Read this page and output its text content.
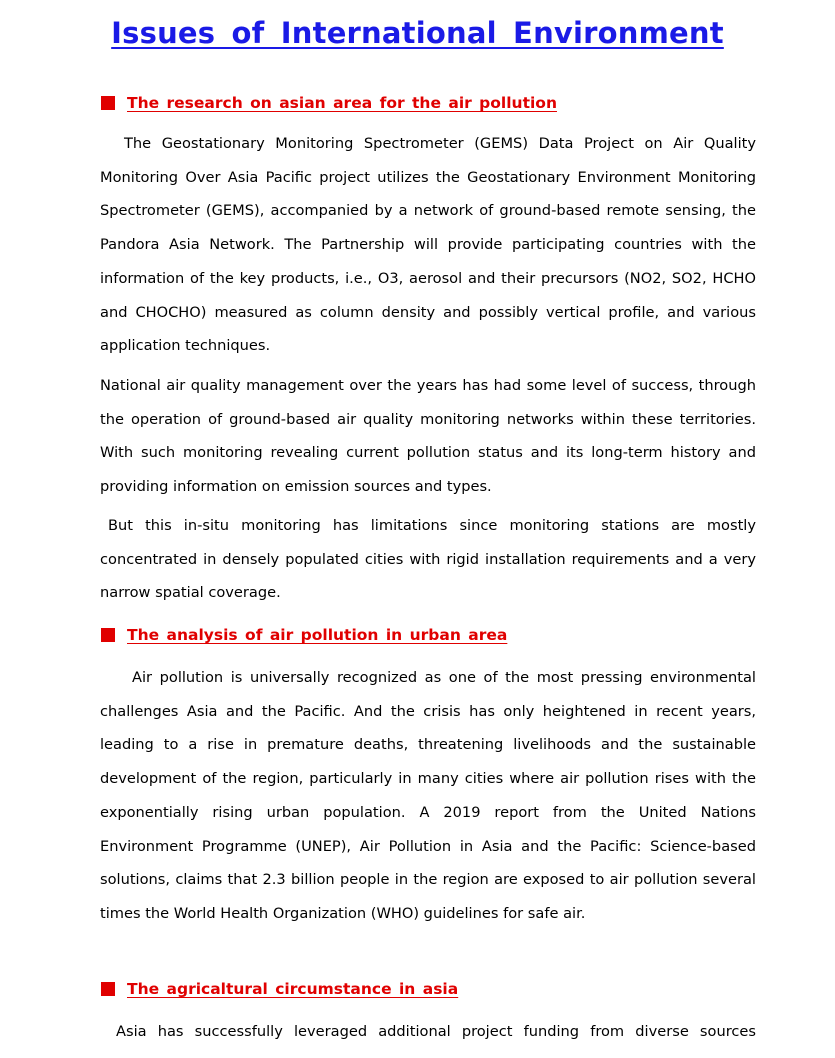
Issues of International Environment
The research on asian area for the air pollution

The Geostationary Monitoring Spectrometer (GEMS) Data Project on Air Quality Monitoring Over Asia Pacific project utilizes the Geostationary Environment Monitoring Spectrometer (GEMS), accompanied by a network of ground-based remote sensing, the Pandora Asia Network. The Partnership will provide participating countries with the information of the key products, i.e., O3, aerosol and their precursors (NO2, SO2, HCHO and CHOCHO) measured as column density and possibly vertical profile, and various application techniques.

National air quality management over the years has had some level of success, through the operation of ground-based air quality monitoring networks within these territories. With such monitoring revealing current pollution status and its long-term history and providing information on emission sources and types.

But this in-situ monitoring has limitations since monitoring stations are mostly concentrated in densely populated cities with rigid installation requirements and a very narrow spatial coverage.

The analysis of air pollution in urban area

Air pollution is universally recognized as one of the most pressing environmental challenges Asia and the Pacific. And the crisis has only heightened in recent years, leading to a rise in premature deaths, threatening livelihoods and the sustainable development of the region, particularly in many cities where air pollution rises with the exponentially rising urban population. A 2019 report from the United Nations Environment Programme (UNEP), Air Pollution in Asia and the Pacific: Science-based solutions, claims that 2.3 billion people in the region are exposed to air pollution several times the World Health Organization (WHO) guidelines for safe air.

The agricaltural circumstance in asia

Asia has successfully leveraged additional project funding from diverse sources
